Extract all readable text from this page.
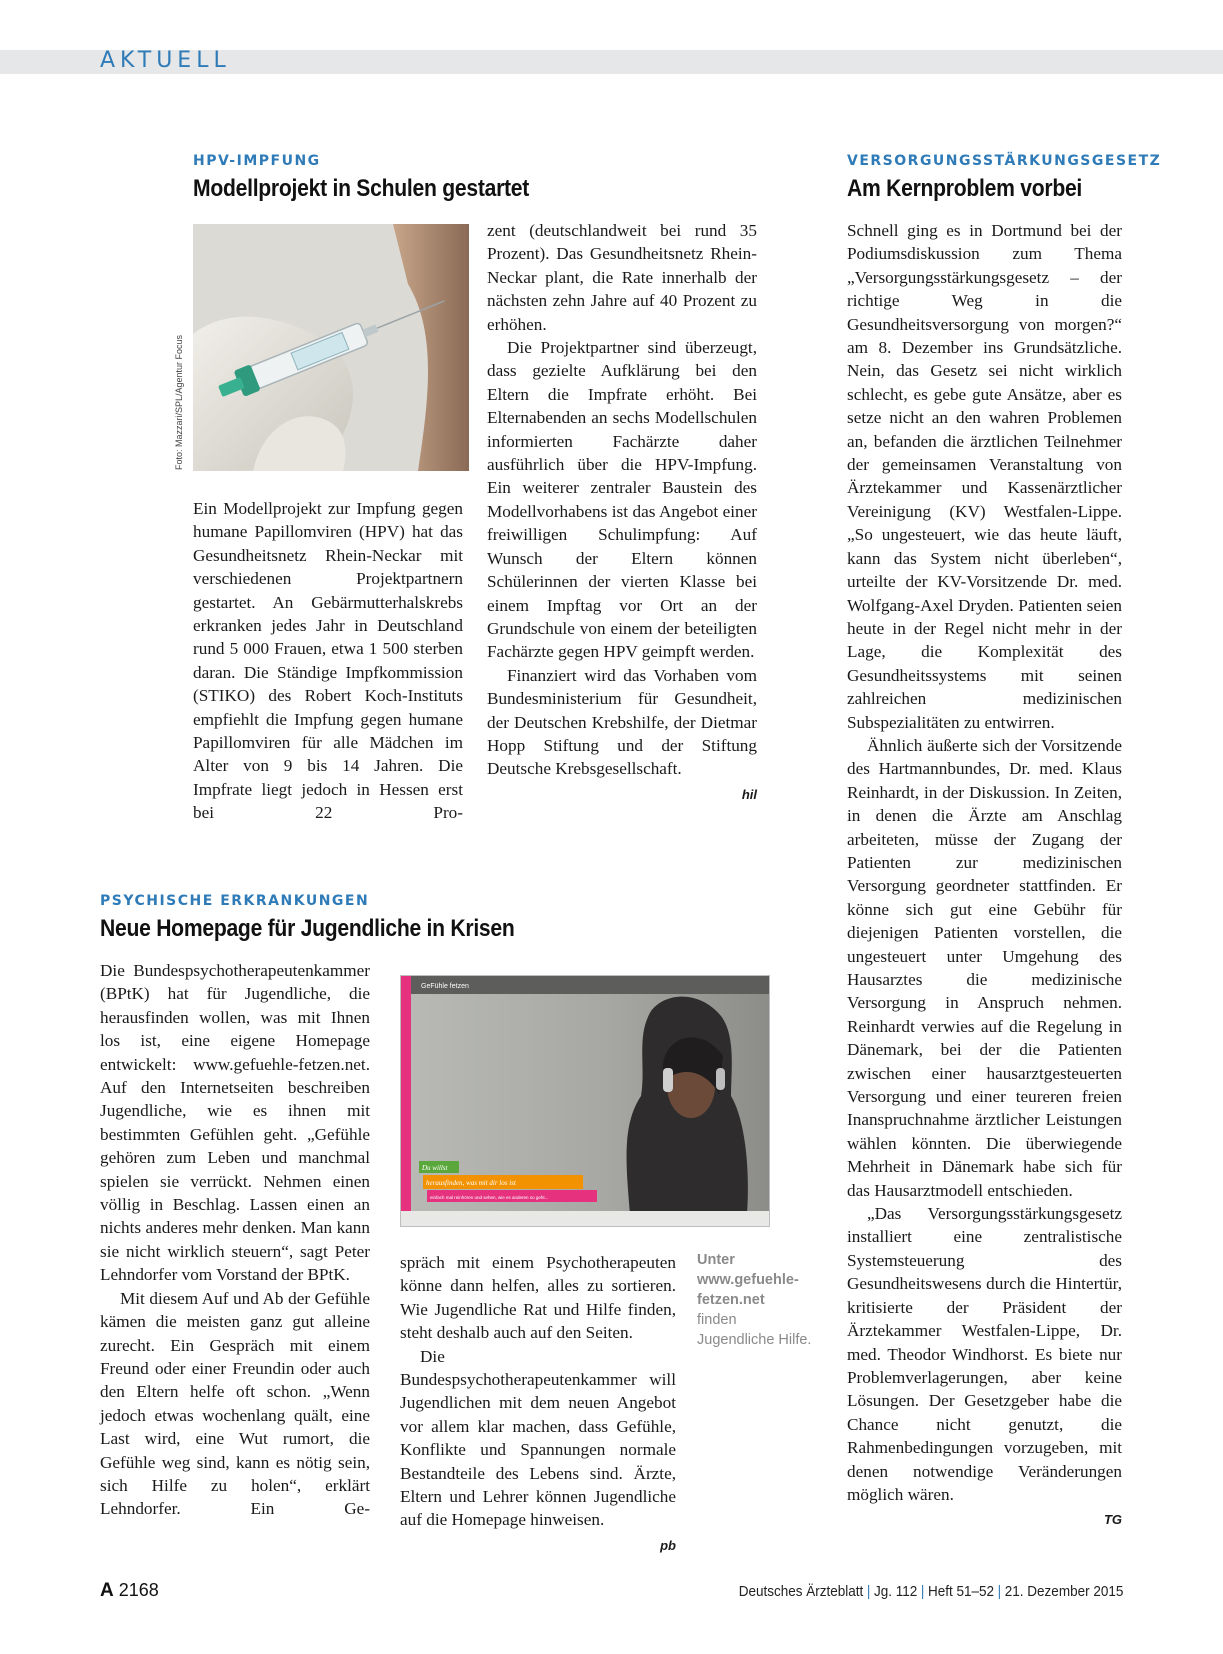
AKTUELL
HPV-IMPFUNG
Modellprojekt in Schulen gestartet
Foto: Mazzari/SPL/Agentur Focus

Ein Modellprojekt zur Impfung gegen humane Papillomviren (HPV) hat das Gesundheitsnetz Rhein-Neckar mit verschiedenen Projektpartnern gestartet. An Gebärmutterhalskrebs erkranken jedes Jahr in Deutschland rund 5 000 Frauen, etwa 1 500 sterben daran. Die Ständige Impfkommission (STIKO) des Robert Koch-Instituts empfiehlt die Impfung gegen humane Papillomviren für alle Mädchen im Alter von 9 bis 14 Jahren. Die Impfrate liegt jedoch in Hessen erst bei 22 Pro-

zent (deutschlandweit bei rund 35 Prozent). Das Gesundheitsnetz Rhein-Neckar plant, die Rate innerhalb der nächsten zehn Jahre auf 40 Prozent zu erhöhen.

Die Projektpartner sind überzeugt, dass gezielte Aufklärung bei den Eltern die Impfrate erhöht. Bei Elternabenden an sechs Modellschulen informierten Fachärzte daher ausführlich über die HPV-Impfung. Ein weiterer zentraler Baustein des Modellvorhabens ist das Angebot einer freiwilligen Schulimpfung: Auf Wunsch der Eltern können Schülerinnen der vierten Klasse bei einem Impftag vor Ort an der Grundschule von einem der beteiligten Fachärzte gegen HPV geimpft werden.

Finanziert wird das Vorhaben vom Bundesministerium für Gesundheit, der Deutschen Krebshilfe, der Dietmar Hopp Stiftung und der Stiftung Deutsche Krebsgesellschaft.

hil
PSYCHISCHE ERKRANKUNGEN
Neue Homepage für Jugendliche in Krisen

Die Bundespsychotherapeutenkammer (BPtK) hat für Jugendliche, die herausfinden wollen, was mit Ihnen los ist, eine eigene Homepage entwickelt: www.gefuehle-fetzen.net. Auf den Internetseiten beschreiben Jugendliche, wie es ihnen mit bestimmten Gefühlen geht. „Gefühle gehören zum Leben und manchmal spielen sie verrückt. Nehmen einen völlig in Beschlag. Lassen einen an nichts anderes mehr denken. Man kann sie nicht wirklich steuern“, sagt Peter Lehndorfer vom Vorstand der BPtK.

Mit diesem Auf und Ab der Gefühle kämen die meisten ganz gut alleine zurecht. Ein Gespräch mit einem Freund oder einer Freundin oder auch den Eltern helfe oft schon. „Wenn jedoch etwas wochenlang quält, eine Last wird, eine Wut rumort, die Gefühle weg sind, kann es nötig sein, sich Hilfe zu holen“, erklärt Lehndorfer. Ein Ge-

GeFühle fetzen
Du willst
herausfinden, was mit dir los ist
einfach mal reinhören und sehen, wie es anderen so geht...

spräch mit einem Psychotherapeuten könne dann helfen, alles zu sortieren. Wie Jugendliche Rat und Hilfe finden, steht deshalb auch auf den Seiten.

Die Bundespsychotherapeutenkammer will Jugendlichen mit dem neuen Angebot vor allem klar machen, dass Gefühle, Konflikte und Spannungen normale Bestandteile des Lebens sind. Ärzte, Eltern und Lehrer können Jugendliche auf die Homepage hinweisen.

pb
Unter www.gefuehle-fetzen.net
finden Jugendliche Hilfe.
VERSORGUNGSSTÄRKUNGSGESETZ
Am Kernproblem vorbei

Schnell ging es in Dortmund bei der Podiumsdiskussion zum Thema „Versorgungsstärkungsgesetz – der richtige Weg in die Gesundheitsversorgung von morgen?“ am 8. Dezember ins Grundsätzliche. Nein, das Gesetz sei nicht wirklich schlecht, es gebe gute Ansätze, aber es setze nicht an den wahren Problemen an, befanden die ärztlichen Teilnehmer der gemeinsamen Veranstaltung von Ärztekammer und Kassenärztlicher Vereinigung (KV) Westfalen-Lippe. „So ungesteuert, wie das heute läuft, kann das System nicht überleben“, urteilte der KV-Vorsitzende Dr. med. Wolfgang-Axel Dryden. Patienten seien heute in der Regel nicht mehr in der Lage, die Komplexität des Gesundheitssystems mit seinen zahlreichen medizinischen Subspezialitäten zu entwirren.

Ähnlich äußerte sich der Vorsitzende des Hartmannbundes, Dr. med. Klaus Reinhardt, in der Diskussion. In Zeiten, in denen die Ärzte am Anschlag arbeiteten, müsse der Zugang der Patienten zur medizinischen Versorgung geordneter stattfinden. Er könne sich gut eine Gebühr für diejenigen Patienten vorstellen, die ungesteuert unter Umgehung des Hausarztes die medizinische Versorgung in Anspruch nehmen. Reinhardt verwies auf die Regelung in Dänemark, bei der die Patienten zwischen einer hausarztgesteuerten Versorgung und einer teureren freien Inanspruchnahme ärztlicher Leistungen wählen könnten. Die überwiegende Mehrheit in Dänemark habe sich für das Hausarztmodell entschieden.

„Das Versorgungsstärkungsgesetz installiert eine zentralistische Systemsteuerung des Gesundheitswesens durch die Hintertür, kritisierte der Präsident der Ärztekammer Westfalen-Lippe, Dr. med. Theodor Windhorst. Es biete nur Problemverlagerungen, aber keine Lösungen. Der Gesetzgeber habe die Chance nicht genutzt, die Rahmenbedingungen vorzugeben, mit denen notwendige Veränderungen möglich wären.

TG
A 2168	Deutsches Ärzteblatt | Jg. 112 | Heft 51–52 | 21. Dezember 2015
